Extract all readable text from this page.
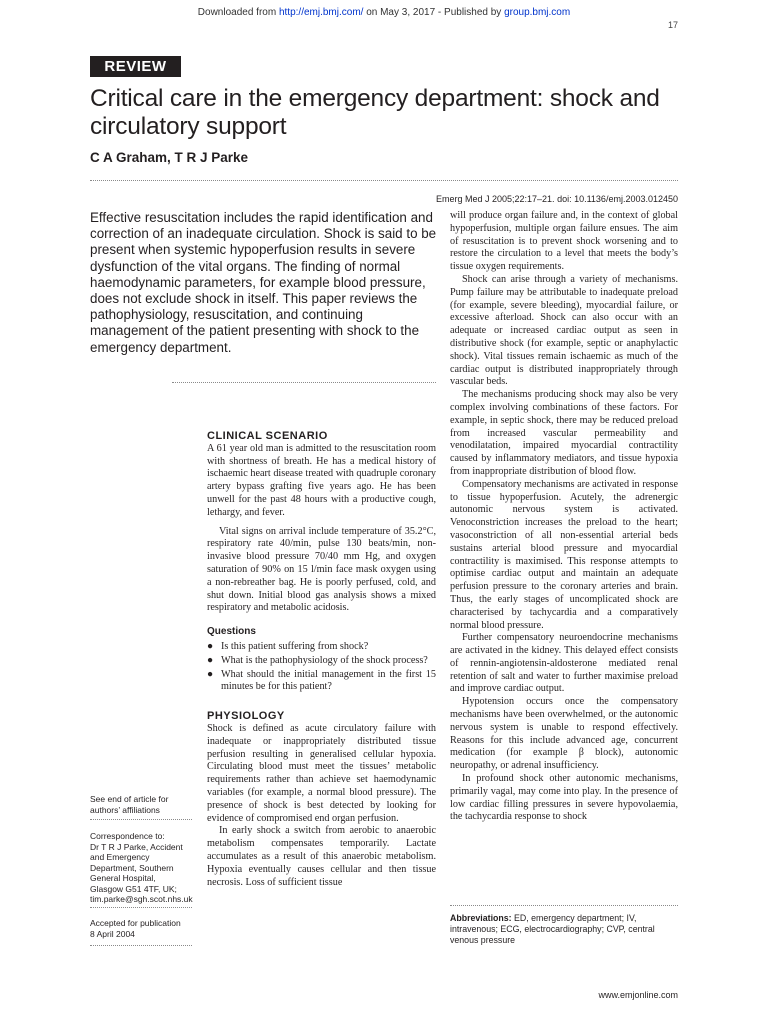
Downloaded from http://emj.bmj.com/ on May 3, 2017 - Published by group.bmj.com
17
REVIEW
Critical care in the emergency department: shock and circulatory support
C A Graham, T R J Parke
Emerg Med J 2005;22:17–21. doi: 10.1136/emj.2003.012450
Effective resuscitation includes the rapid identification and correction of an inadequate circulation. Shock is said to be present when systemic hypoperfusion results in severe dysfunction of the vital organs. The finding of normal haemodynamic parameters, for example blood pressure, does not exclude shock in itself. This paper reviews the pathophysiology, resuscitation, and continuing management of the patient presenting with shock to the emergency department.
CLINICAL SCENARIO

A 61 year old man is admitted to the resuscitation room with shortness of breath. He has a medical history of ischaemic heart disease treated with quadruple coronary artery bypass grafting five years ago. He has been unwell for the past 48 hours with a productive cough, lethargy, and fever.

Vital signs on arrival include temperature of 35.2°C, respiratory rate 40/min, pulse 130 beats/min, non-invasive blood pressure 70/40 mm Hg, and oxygen saturation of 90% on 15 l/min face mask oxygen using a non-rebreather bag. He is poorly perfused, cold, and shut down. Initial blood gas analysis shows a mixed respiratory and metabolic acidosis.

Questions
● Is this patient suffering from shock?
● What is the pathophysiology of the shock process?
● What should the initial management in the first 15 minutes be for this patient?
PHYSIOLOGY

Shock is defined as acute circulatory failure with inadequate or inappropriately distributed tissue perfusion resulting in generalised cellular hypoxia. Circulating blood must meet the tissues’ metabolic requirements rather than achieve set haemodynamic variables (for example, a normal blood pressure). The presence of shock is best detected by looking for evidence of compromised end organ perfusion.

In early shock a switch from aerobic to anaerobic metabolism compensates temporarily. Lactate accumulates as a result of this anaerobic metabolism. Hypoxia eventually causes cellular and then tissue necrosis. Loss of sufficient tissue

will produce organ failure and, in the context of global hypoperfusion, multiple organ failure ensues. The aim of resuscitation is to prevent shock worsening and to restore the circulation to a level that meets the body’s tissue oxygen requirements.

Shock can arise through a variety of mechanisms. Pump failure may be attributable to inadequate preload (for example, severe bleeding), myocardial failure, or excessive afterload. Shock can also occur with an adequate or increased cardiac output as seen in distributive shock (for example, septic or anaphylactic shock). Vital tissues remain ischaemic as much of the cardiac output is distributed inappropriately through vascular beds.

The mechanisms producing shock may also be very complex involving combinations of these factors. For example, in septic shock, there may be reduced preload from increased vascular permeability and venodilatation, impaired myocardial contractility caused by inflammatory mediators, and tissue hypoxia from inappropriate distribution of blood flow.

Compensatory mechanisms are activated in response to tissue hypoperfusion. Acutely, the adrenergic autonomic nervous system is activated. Venoconstriction increases the preload to the heart; vasoconstriction of all non-essential arterial beds sustains arterial blood pressure and myocardial contractility is maximised. This response attempts to optimise cardiac output and maintain an adequate perfusion pressure to the coronary arteries and brain. Thus, the early stages of uncomplicated shock are characterised by tachycardia and a comparatively normal blood pressure.

Further compensatory neuroendocrine mechanisms are activated in the kidney. This delayed effect consists of rennin-angiotensin-aldosterone mediated renal retention of salt and water to further maximise preload and improve cardiac output.

Hypotension occurs once the compensatory mechanisms have been overwhelmed, or the autonomic nervous system is unable to respond effectively. Reasons for this include advanced age, concurrent medication (for example β block), autonomic neuropathy, or adrenal insufficiency.

In profound shock other autonomic mechanisms, primarily vagal, may come into play. In the presence of low cardiac filling pressures in severe hypovolaemia, the tachycardia response to shock

Abbreviations: ED, emergency department; IV, intravenous; ECG, electrocardiography; CVP, central venous pressure
See end of article for authors’ affiliations

Correspondence to:

Dr T R J Parke, Accident

and Emergency

Department, Southern

General Hospital,

Glasgow G51 4TF, UK;

tim.parke@sgh.scot.nhs.uk

Accepted for publication

8 April 2004

www.emjonline.com
